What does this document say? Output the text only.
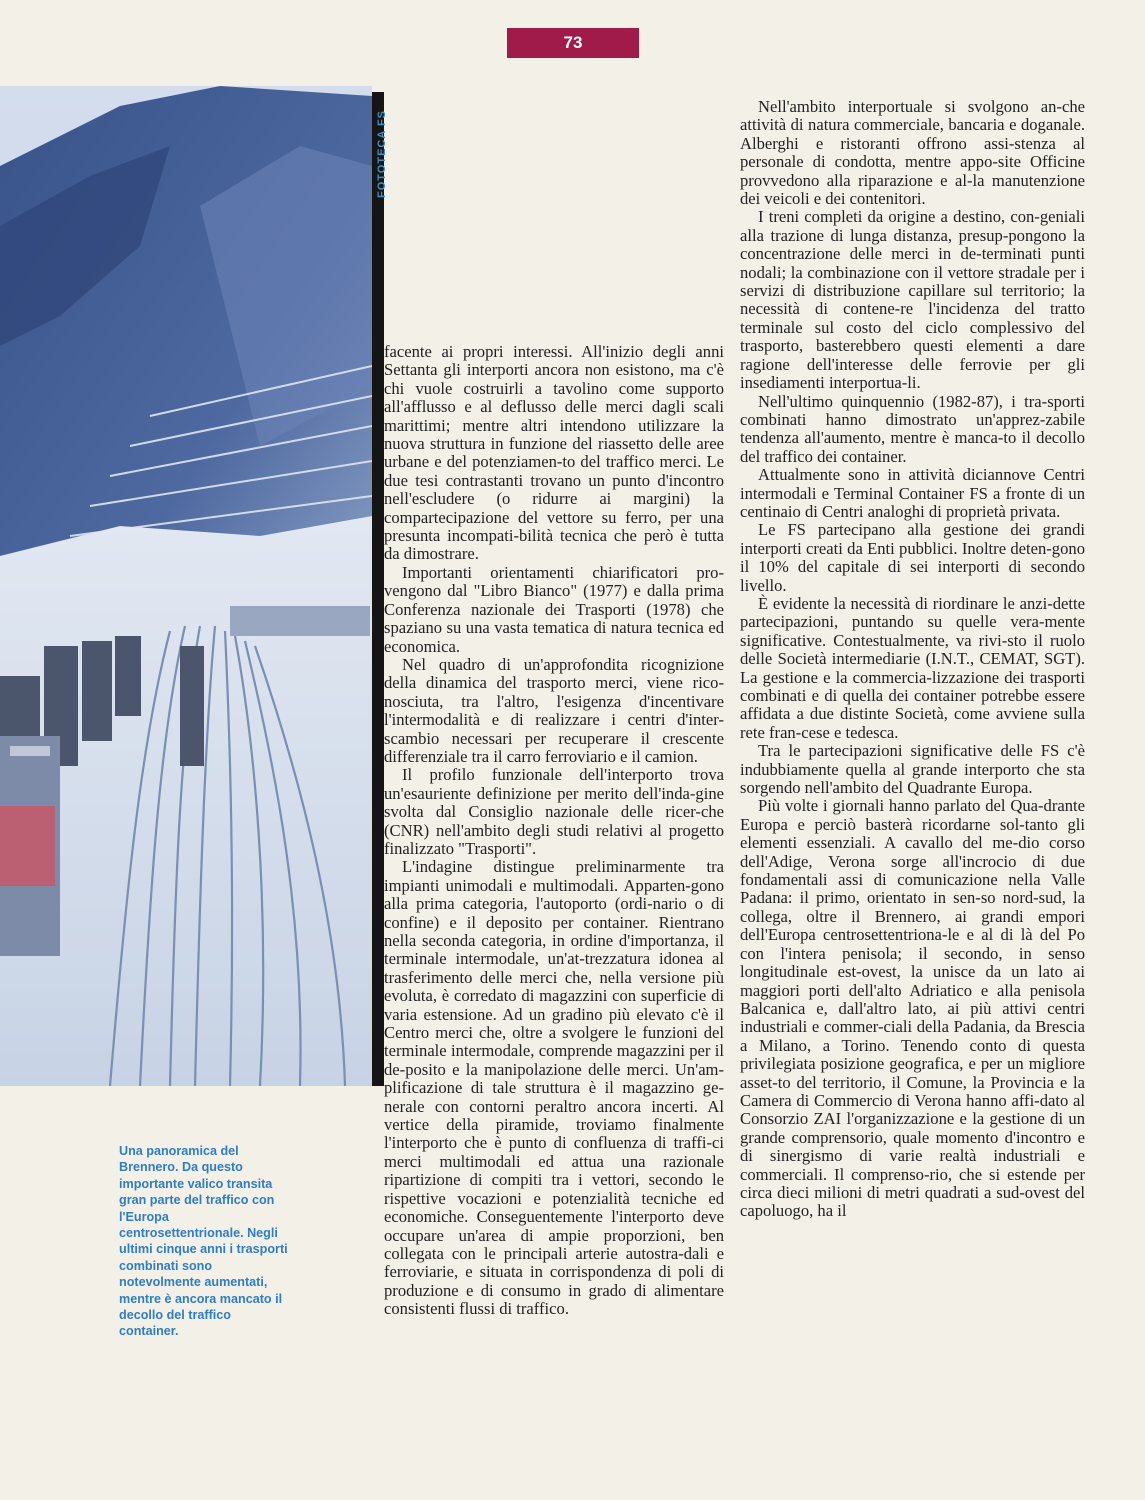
73
FOTOTECA FS
Una panoramica del Brennero. Da questo importante valico transita gran parte del traffico con l'Europa centrosettentrionale. Negli ultimi cinque anni i trasporti combinati sono notevolmente aumentati, mentre è ancora mancato il decollo del traffico container.

facente ai propri interessi. All'inizio degli anni Settanta gli interporti ancora non esistono, ma c'è chi vuole costruirli a tavolino come supporto all'afflusso e al deflusso delle merci dagli scali marittimi; mentre altri intendono utilizzare la nuova struttura in funzione del riassetto delle aree urbane e del potenziamen-to del traffico merci. Le due tesi contrastanti trovano un punto d'incontro nell'escludere (o ridurre ai margini) la compartecipazione del vettore su ferro, per una presunta incompati-bilità tecnica che però è tutta da dimostrare.

Importanti orientamenti chiarificatori pro-vengono dal "Libro Bianco" (1977) e dalla prima Conferenza nazionale dei Trasporti (1978) che spaziano su una vasta tematica di natura tecnica ed economica.

Nel quadro di un'approfondita ricognizione della dinamica del trasporto merci, viene rico-nosciuta, tra l'altro, l'esigenza d'incentivare l'intermodalità e di realizzare i centri d'inter-scambio necessari per recuperare il crescente differenziale tra il carro ferroviario e il camion.

Il profilo funzionale dell'interporto trova un'esauriente definizione per merito dell'inda-gine svolta dal Consiglio nazionale delle ricer-che (CNR) nell'ambito degli studi relativi al progetto finalizzato "Trasporti".

L'indagine distingue preliminarmente tra impianti unimodali e multimodali. Apparten-gono alla prima categoria, l'autoporto (ordi-nario o di confine) e il deposito per container. Rientrano nella seconda categoria, in ordine d'importanza, il terminale intermodale, un'at-trezzatura idonea al trasferimento delle merci che, nella versione più evoluta, è corredato di magazzini con superficie di varia estensione. Ad un gradino più elevato c'è il Centro merci che, oltre a svolgere le funzioni del terminale intermodale, comprende magazzini per il de-posito e la manipolazione delle merci. Un'am-plificazione di tale struttura è il magazzino ge-nerale con contorni peraltro ancora incerti. Al vertice della piramide, troviamo finalmente l'interporto che è punto di confluenza di traffi-ci merci multimodali ed attua una razionale ripartizione di compiti tra i vettori, secondo le rispettive vocazioni e potenzialità tecniche ed economiche. Conseguentemente l'interporto deve occupare un'area di ampie proporzioni, ben collegata con le principali arterie autostra-dali e ferroviarie, e situata in corrispondenza di poli di produzione e di consumo in grado di alimentare consistenti flussi di traffico.

Nell'ambito interportuale si svolgono an-che attività di natura commerciale, bancaria e doganale. Alberghi e ristoranti offrono assi-stenza al personale di condotta, mentre appo-site Officine provvedono alla riparazione e al-la manutenzione dei veicoli e dei contenitori.

I treni completi da origine a destino, con-geniali alla trazione di lunga distanza, presup-pongono la concentrazione delle merci in de-terminati punti nodali; la combinazione con il vettore stradale per i servizi di distribuzione capillare sul territorio; la necessità di contene-re l'incidenza del tratto terminale sul costo del ciclo complessivo del trasporto, basterebbero questi elementi a dare ragione dell'interesse delle ferrovie per gli insediamenti interportua-li.

Nell'ultimo quinquennio (1982-87), i tra-sporti combinati hanno dimostrato un'apprez-zabile tendenza all'aumento, mentre è manca-to il decollo del traffico dei container.

Attualmente sono in attività diciannove Centri intermodali e Terminal Container FS a fronte di un centinaio di Centri analoghi di proprietà privata.

Le FS partecipano alla gestione dei grandi interporti creati da Enti pubblici. Inoltre deten-gono il 10% del capitale di sei interporti di secondo livello.

È evidente la necessità di riordinare le anzi-dette partecipazioni, puntando su quelle vera-mente significative. Contestualmente, va rivi-sto il ruolo delle Società intermediarie (I.N.T., CEMAT, SGT). La gestione e la commercia-lizzazione dei trasporti combinati e di quella dei container potrebbe essere affidata a due distinte Società, come avviene sulla rete fran-cese e tedesca.

Tra le partecipazioni significative delle FS c'è indubbiamente quella al grande interporto che sta sorgendo nell'ambito del Quadrante Europa.

Più volte i giornali hanno parlato del Qua-drante Europa e perciò basterà ricordarne sol-tanto gli elementi essenziali. A cavallo del me-dio corso dell'Adige, Verona sorge all'incrocio di due fondamentali assi di comunicazione nella Valle Padana: il primo, orientato in sen-so nord-sud, la collega, oltre il Brennero, ai grandi empori dell'Europa centrosettentriona-le e al di là del Po con l'intera penisola; il secondo, in senso longitudinale est-ovest, la unisce da un lato ai maggiori porti dell'alto Adriatico e alla penisola Balcanica e, dall'altro lato, ai più attivi centri industriali e commer-ciali della Padania, da Brescia a Milano, a Torino. Tenendo conto di questa privilegiata posizione geografica, e per un migliore asset-to del territorio, il Comune, la Provincia e la Camera di Commercio di Verona hanno affi-dato al Consorzio ZAI l'organizzazione e la gestione di un grande comprensorio, quale momento d'incontro e di sinergismo di varie realtà industriali e commerciali. Il comprenso-rio, che si estende per circa dieci milioni di metri quadrati a sud-ovest del capoluogo, ha il
